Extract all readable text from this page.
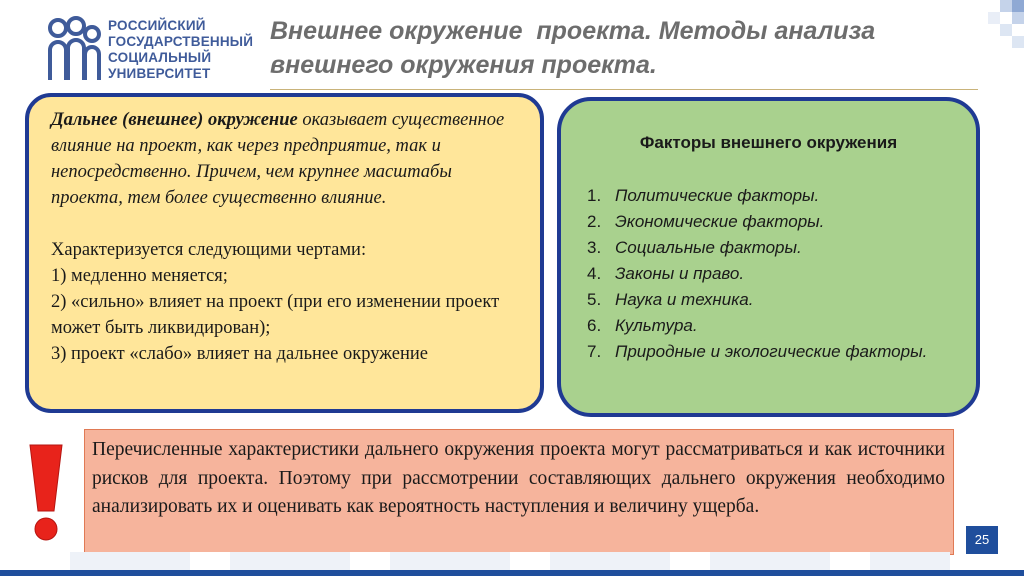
РОССИЙСКИЙ
ГОСУДАРСТВЕННЫЙ
СОЦИАЛЬНЫЙ
УНИВЕРСИТЕТ
Внешнее окружение  проекта. Методы анализа
внешнего окружения проекта.
Дальнее (внешнее) окружение оказывает существенное влияние на проект, как через предприятие, так и непосредственно. Причем, чем крупнее масштабы проекта, тем более существенно влияние.
Характеризуется следующими чертами:
1) медленно меняется;
2) «сильно» влияет на проект (при его изменении проект может быть ликвидирован);
3) проект «слабо» влияет на дальнее окружение
Факторы внешнего окружения
1. Политические факторы.
2. Экономические факторы.
3. Социальные факторы.
4. Законы и право.
5. Наука и техника.
6. Культура.
7. Природные и экологические факторы.
Перечисленные характеристики дальнего окружения проекта могут рассматриваться и как источники рисков для проекта. Поэтому при рассмотрении составляющих дальнего окружения необходимо анализировать их и оценивать как вероятность наступления и величину ущерба.
25
